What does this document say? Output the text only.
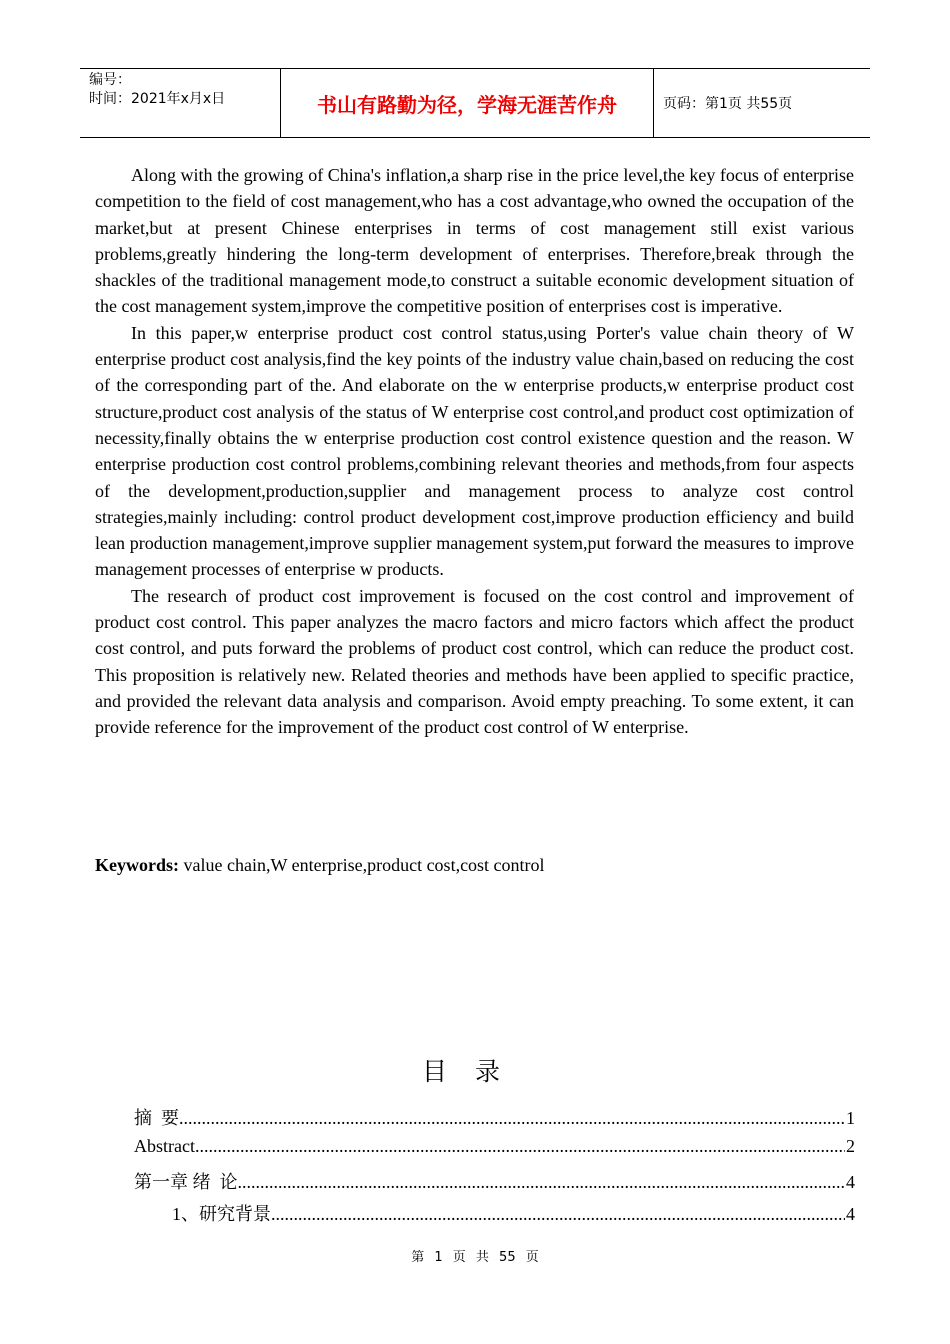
编号：
时间：2021年x月x日	书山有路勤为径，学海无涯苦作舟	页码：第1页 共55页

Along with the growing of China's inflation,a sharp rise in the price level,the key focus of enterprise competition to the field of cost management,who has a cost advantage,who owned the occupation of the market,but at present Chinese enterprises in terms of cost management still exist various problems,greatly hindering the long-term development of enterprises. Therefore,break through the shackles of the traditional management mode,to construct a suitable economic development situation of the cost management system,improve the competitive position of enterprises cost is imperative.

In this paper,w enterprise product cost control status,using Porter's value chain theory of W enterprise product cost analysis,find the key points of the industry value chain,based on reducing the cost of the corresponding part of the. And elaborate on the w enterprise products,w enterprise product cost structure,product cost analysis of the status of W enterprise cost control,and product cost optimization of necessity,finally obtains the w enterprise production cost control existence question and the reason. W enterprise production cost control problems,combining relevant theories and methods,from four aspects of the development,production,supplier and management process to analyze cost control strategies,mainly including: control product development cost,improve production efficiency and build lean production management,improve supplier management system,put forward the measures to improve management processes of enterprise w products.

The research of product cost improvement is focused on the cost control and improvement of product cost control. This paper analyzes the macro factors and micro factors which affect the product cost control, and puts forward the problems of product cost control, which can reduce the product cost. This proposition is relatively new. Related theories and methods have been applied to specific practice, and provided the relevant data analysis and comparison. Avoid empty preaching. To some extent, it can provide reference for the improvement of the product cost control of W enterprise.

Keywords: value chain,W enterprise,product cost,cost control
目录
摘  要 .....	1
Abstract .....	2
第一章 绪  论 .....	4
1、研究背景 .....	4
第 1 页 共 55 页
